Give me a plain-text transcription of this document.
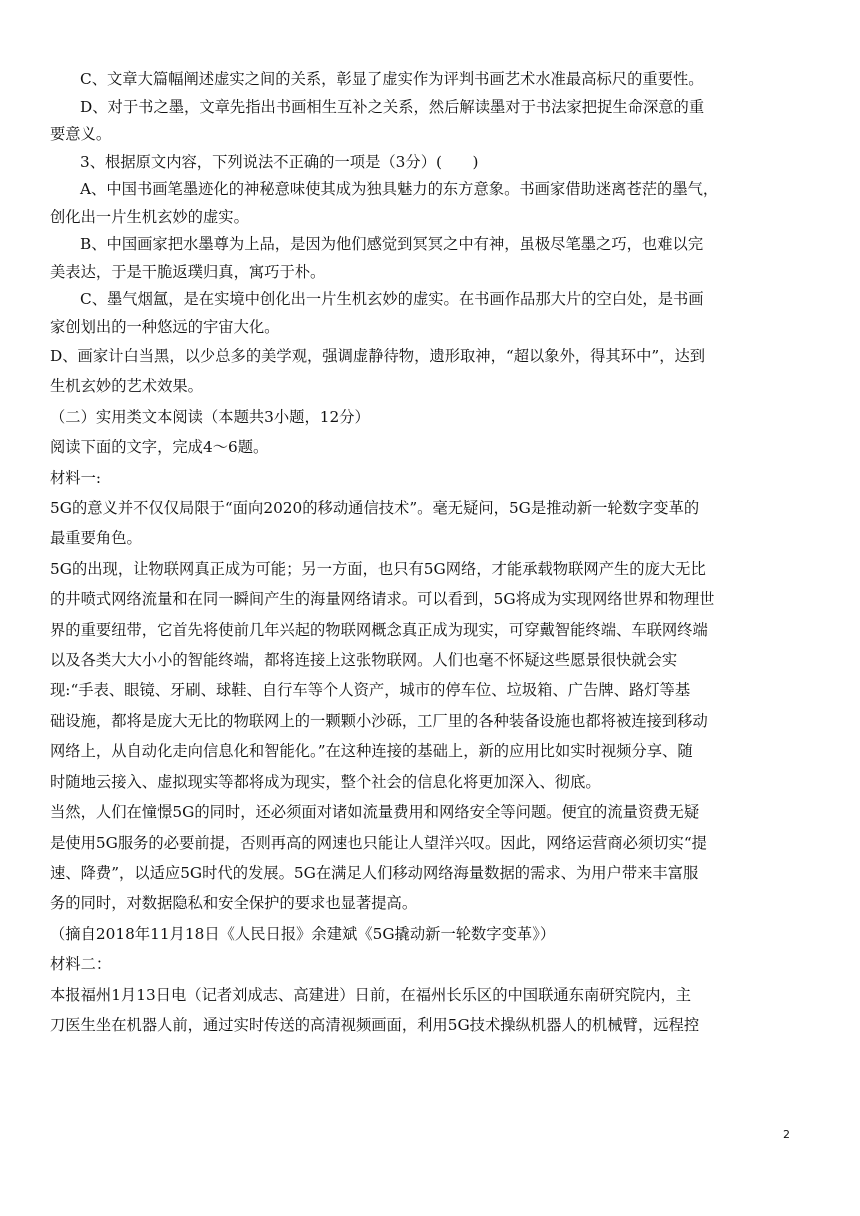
C、文章大篇幅阐述虚实之间的关系，彰显了虚实作为评判书画艺术水准最高标尺的重要性。

D、对于书之墨，文章先指出书画相生互补之关系，然后解读墨对于书法家把捉生命深意的重

要意义。

3、根据原文内容，下列说法不正确的一项是（3分）(　　)

A、中国书画笔墨迹化的神秘意味使其成为独具魅力的东方意象。书画家借助迷离苍茫的墨气，

创化出一片生机玄妙的虚实。

B、中国画家把水墨尊为上品，是因为他们感觉到冥冥之中有神，虽极尽笔墨之巧，也难以完

美表达，于是干脆返璞归真，寓巧于朴。

C、墨气烟氲，是在实境中创化出一片生机玄妙的虚实。在书画作品那大片的空白处，是书画

家创划出的一种悠远的宇宙大化。

D、画家计白当黑，以少总多的美学观，强调虚静待物，遗形取神，“超以象外，得其环中”，达到

生机玄妙的艺术效果。

（二）实用类文本阅读（本题共3小题，12分）

阅读下面的文字，完成4～6题。

材料一:

5G的意义并不仅仅局限于“面向2020的移动通信技术”。毫无疑问，5G是推动新一轮数字变革的

最重要角色。

5G的出现，让物联网真正成为可能；另一方面，也只有5G网络，才能承载物联网产生的庞大无比

的井喷式网络流量和在同一瞬间产生的海量网络请求。可以看到，5G将成为实现网络世界和物理世

界的重要纽带，它首先将使前几年兴起的物联网概念真正成为现实，可穿戴智能终端、车联网终端

以及各类大大小小的智能终端，都将连接上这张物联网。人们也毫不怀疑这些愿景很快就会实

现:“手表、眼镜、牙刷、球鞋、自行车等个人资产，城市的停车位、垃圾箱、广告牌、路灯等基

础设施，都将是庞大无比的物联网上的一颗颗小沙砾，工厂里的各种装备设施也都将被连接到移动

网络上，从自动化走向信息化和智能化。”在这种连接的基础上，新的应用比如实时视频分享、随

时随地云接入、虚拟现实等都将成为现实，整个社会的信息化将更加深入、彻底。

当然，人们在憧憬5G的同时，还必须面对诸如流量费用和网络安全等问题。便宜的流量资费无疑

是使用5G服务的必要前提，否则再高的网速也只能让人望洋兴叹。因此，网络运营商必须切实“提

速、降费”，以适应5G时代的发展。5G在满足人们移动网络海量数据的需求、为用户带来丰富服

务的同时，对数据隐私和安全保护的要求也显著提高。

（摘自2018年11月18日《人民日报》余建斌《5G撬动新一轮数字变革》）

材料二：

本报福州1月13日电（记者刘成志、高建进）日前，在福州长乐区的中国联通东南研究院内，主

刀医生坐在机器人前，通过实时传送的高清视频画面，利用5G技术操纵机器人的机械臂，远程控

2
